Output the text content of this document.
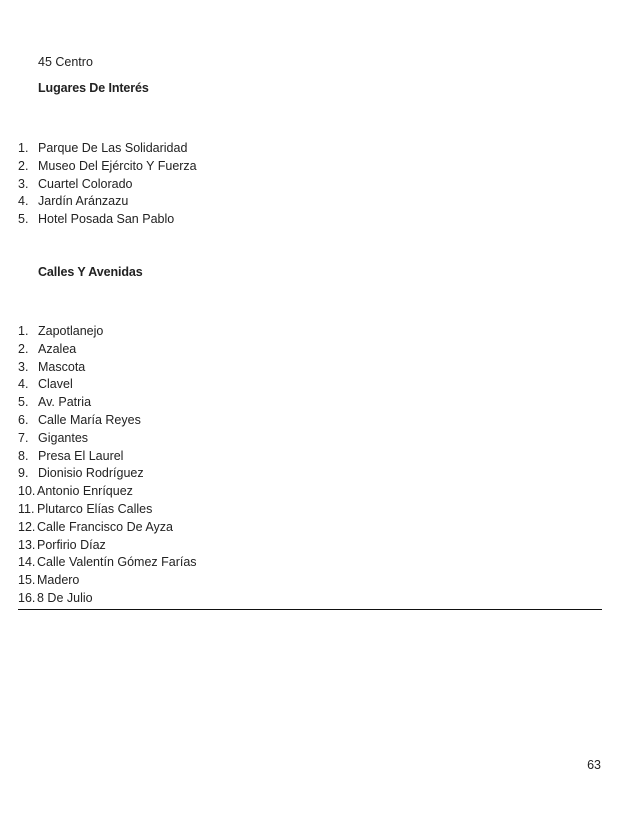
45 Centro
Lugares De Interés
1. Parque De Las Solidaridad
2. Museo Del Ejército Y Fuerza
3. Cuartel Colorado
4. Jardín Aránzazu
5. Hotel Posada San Pablo
Calles Y Avenidas
1. Zapotlanejo
2. Azalea
3. Mascota
4. Clavel
5. Av. Patria
6. Calle María Reyes
7. Gigantes
8. Presa El Laurel
9. Dionisio Rodríguez
10. Antonio Enríquez
11. Plutarco Elías Calles
12. Calle Francisco De Ayza
13. Porfirio Díaz
14. Calle Valentín Gómez Farías
15. Madero
16. 8 De Julio
63
